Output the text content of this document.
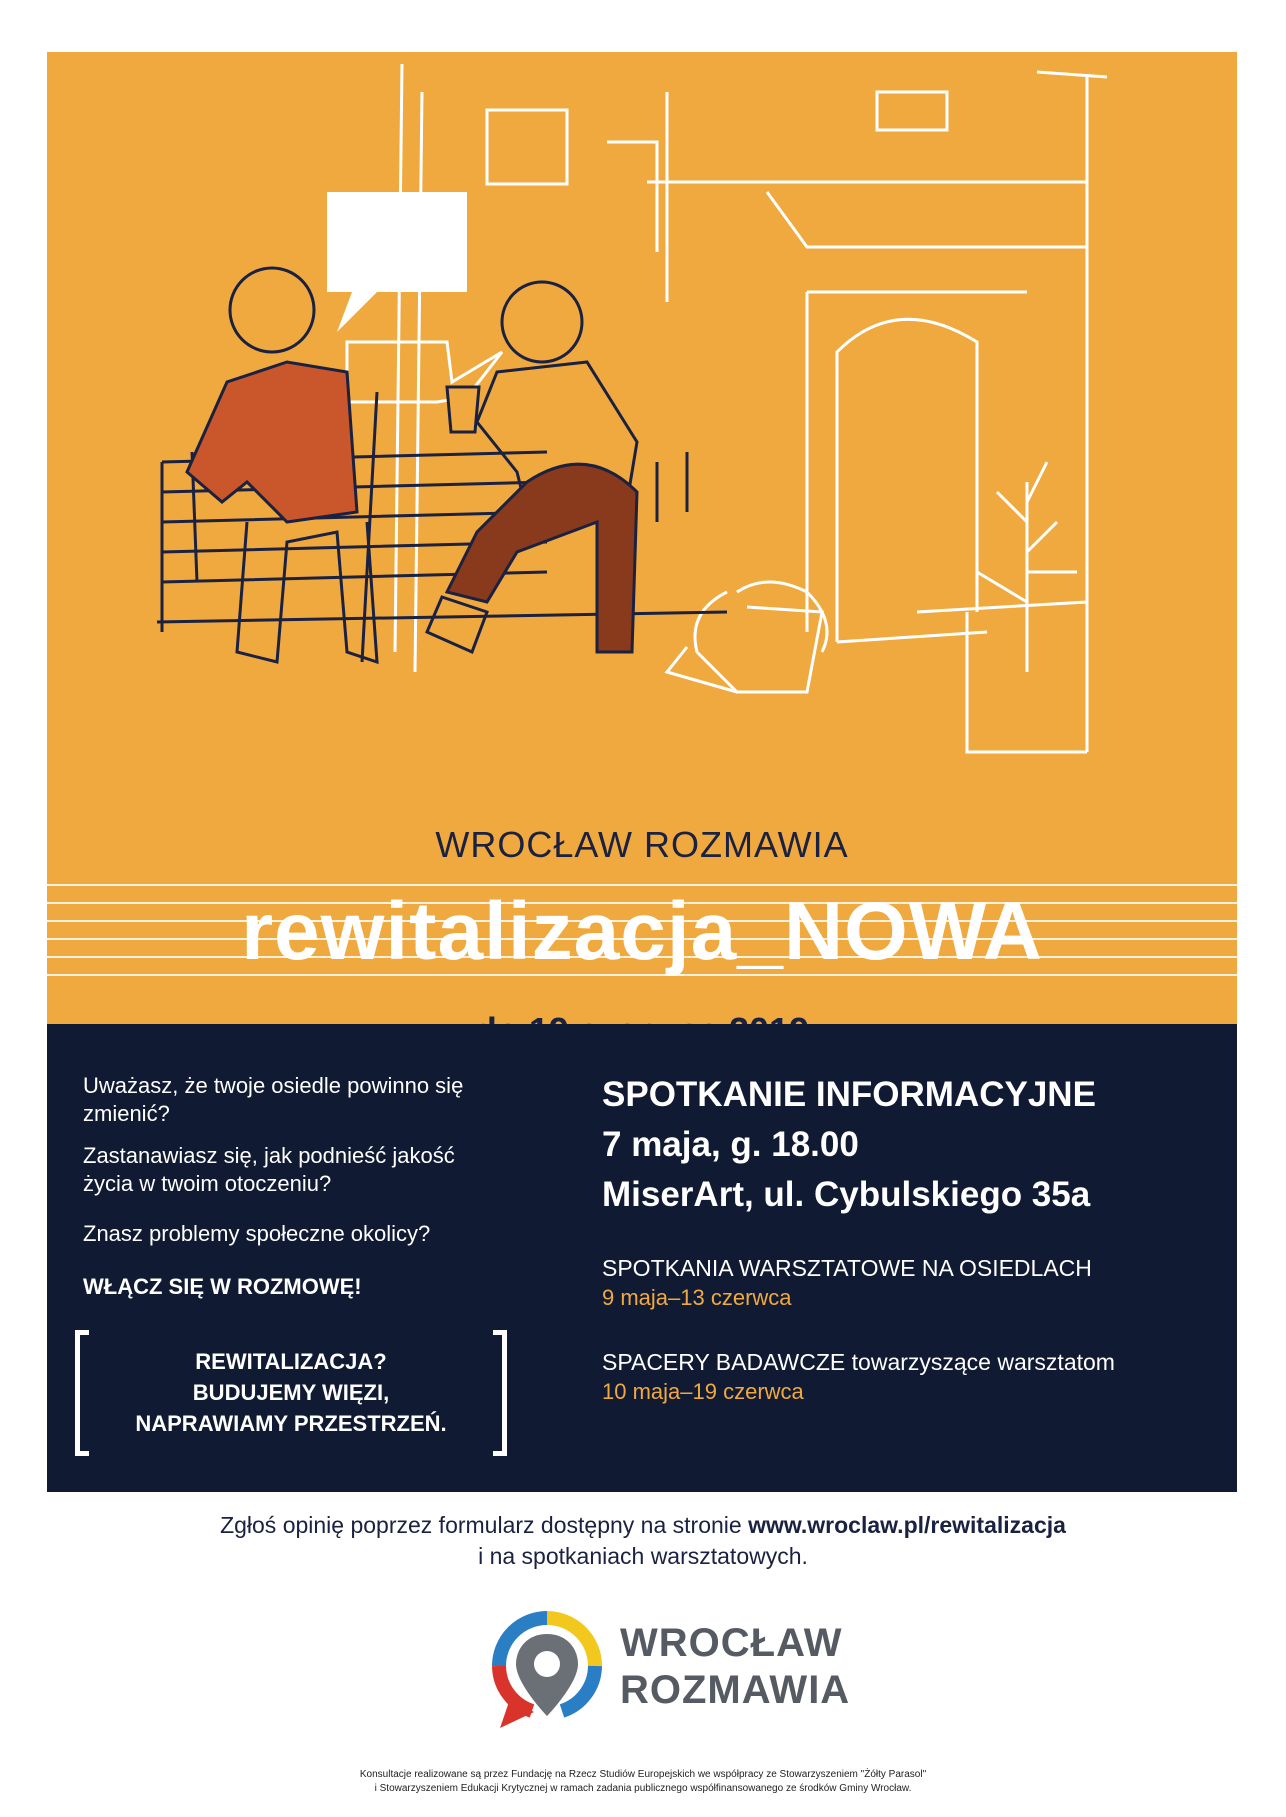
WROCŁAW ROZMAWIA
rewitalizacja_NOWA
Uważasz, że twoje osiedle powinno się zmienić?
Zastanawiasz się, jak podnieść jakość życia w twoim otoczeniu?
Znasz problemy społeczne okolicy?
WŁĄCZ SIĘ W ROZMOWĘ!
REWITALIZACJA?
BUDUJEMY WIĘZI,
NAPRAWIAMY PRZESTRZEŃ.
SPOTKANIE INFORMACYJNE
7 maja, g. 18.00
MiserArt, ul. Cybulskiego 35a
SPOTKANIA WARSZTATOWE NA OSIEDLACH
9 maja–13 czerwca
SPACERY BADAWCZE towarzyszące warsztatom
10 maja–19 czerwca
Zgłoś opinię poprzez formularz dostępny na stronie www.wroclaw.pl/rewitalizacja
i na spotkaniach warsztatowych.
WROCŁAW
ROZMAWIA
Konsultacje realizowane są przez Fundację na Rzecz Studiów Europejskich we współpracy ze Stowarzyszeniem "Żółty Parasol"
i Stowarzyszeniem Edukacji Krytycznej w ramach zadania publicznego współfinansowanego ze środków Gminy Wrocław.
